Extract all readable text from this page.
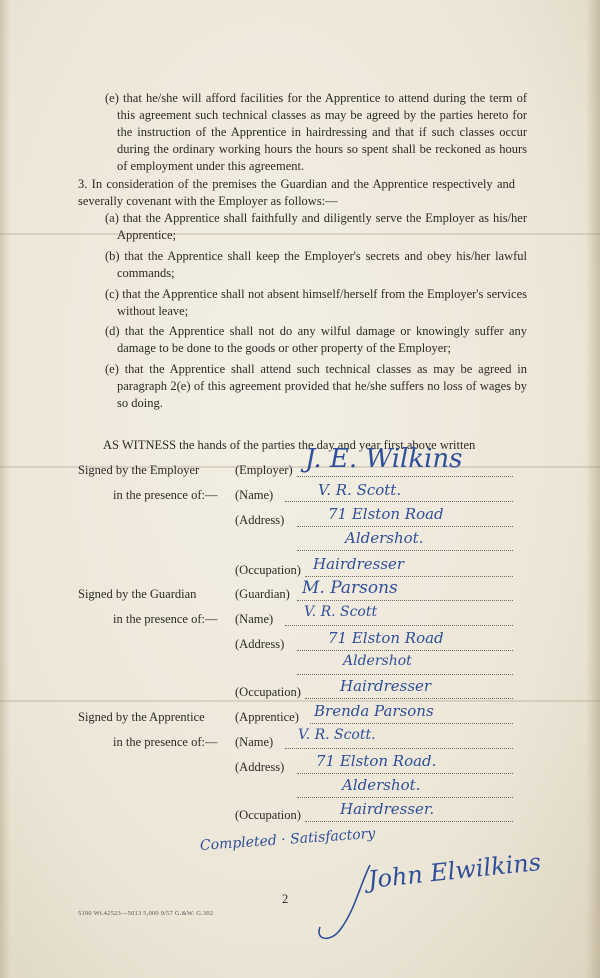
(e) that he/she will afford facilities for the Apprentice to attend during the term of this agreement such technical classes as may be agreed by the parties hereto for the instruction of the Apprentice in hairdressing and that if such classes occur during the ordinary working hours the hours so spent shall be reckoned as hours of employment under this agreement.

3. In consideration of the premises the Guardian and the Apprentice respectively and severally covenant with the Employer as follows:—

(a) that the Apprentice shall faithfully and diligently serve the Employer as his/her Apprentice;

(b) that the Apprentice shall keep the Employer's secrets and obey his/her lawful commands;

(c) that the Apprentice shall not absent himself/herself from the Employer's services without leave;

(d) that the Apprentice shall not do any wilful damage or knowingly suffer any damage to be done to the goods or other property of the Employer;

(e) that the Apprentice shall attend such technical classes as may be agreed in paragraph 2(e) of this agreement provided that he/she suffers no loss of wages by so doing.

AS WITNESS the hands of the parties the day and year first above written
Signed by the Employer	(Employer) J. E. Wilkins
in the presence of:— (Name)	V. R. Scott.
(Address)	71 Elston Road
Aldershot.
(Occupation) Hairdresser
Signed by the Guardian	(Guardian) M. Parsons
in the presence of:— (Name) V. R. Scott
(Address)	71 Elston Road
Aldershot
(Occupation)	Hairdresser
Signed by the Apprentice (Apprentice) Brenda Parsons
in the presence of:— (Name) V. R. Scott.
(Address) 71 Elston Road.
Aldershot.
(Occupation)	Hairdresser.
Completed · Satisfactory
John Elwilkins
2
5190 Wt.42523—5013 5,000 9/57 G.&W. G.302
